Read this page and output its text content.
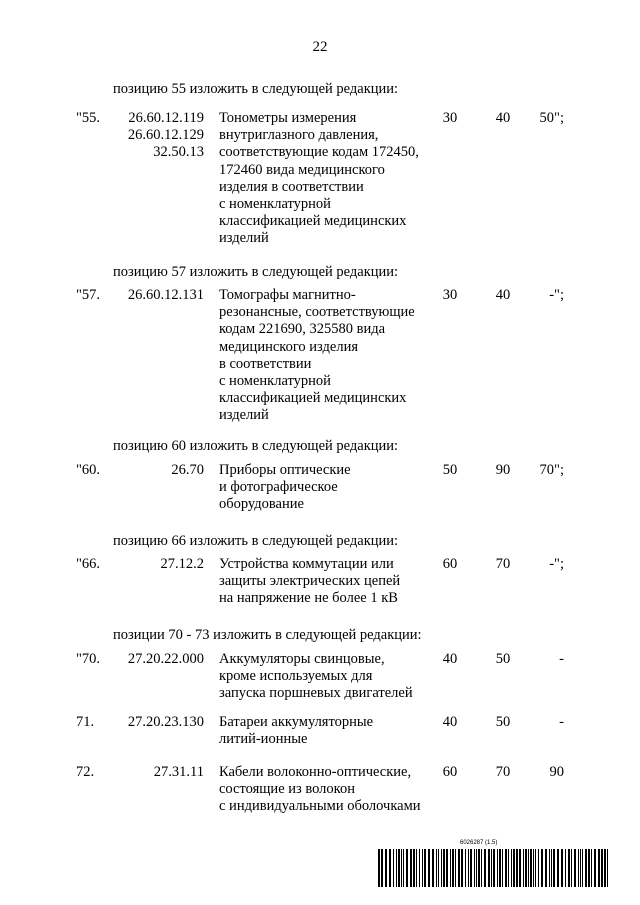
22
позицию 55 изложить в следующей редакции:
"55.	26.60.12.119
26.60.12.129
32.50.13
Тонометры измерения
внутриглазного давления,
соответствующие кодам 172450,
172460 вида медицинского
изделия в соответствии
с номенклатурной
классификацией медицинских
изделий
30	40	50";
позицию 57 изложить в следующей редакции:
"57.	26.60.12.131 Томографы магнитно-
резонансные, соответствующие
кодам 221690, 325580 вида
медицинского изделия
в соответствии
с номенклатурной
классификацией медицинских
изделий
30	40	-";
позицию 60 изложить в следующей редакции:
"60.	26.70 Приборы оптические
и фотографическое
оборудование
50	90	70";
позицию 66 изложить в следующей редакции:
"66.	27.12.2 Устройства коммутации или
защиты электрических цепей
на напряжение не более 1 кВ
60	70	-";
позиции 70 - 73 изложить в следующей редакции:
"70.	27.20.22.000 Аккумуляторы свинцовые,
кроме используемых для
запуска поршневых двигателей
40	50	-
71.	27.20.23.130 Батареи аккумуляторные
литий-ионные
40	50	-
72.	27.31.11 Кабели волоконно-оптические,
состоящие из волокон
с индивидуальными оболочками
60	70	90
6026287 (1.5)
